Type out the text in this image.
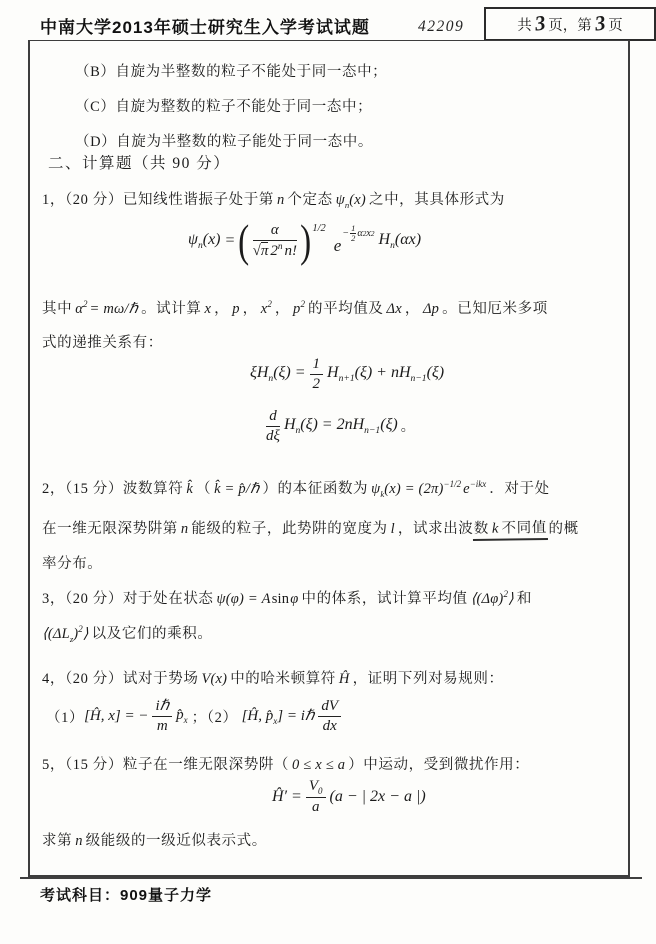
中南大学2013年硕士研究生入学考试试题	42209	共 3 页，第 3 页
（B）自旋为半整数的粒子不能处于同一态中；
（C）自旋为整数的粒子不能处于同一态中；
（D）自旋为半整数的粒子能处于同一态中。
二、计算题（共 90 分）
1，（20 分）已知线性谐振子处于第 n 个定态 $\psi_n(x)$ 之中，其具体形式为
$\psi_n(x)$ = ( $\frac{\alpha}{√\pi 2^n n!}$ ) 1/2
e
− $\frac{1}{2}$ α 2 x 2 $H_n(\alpha x)$
其中 $\alpha^2$ = mω/ℏ 。试计算 x ， p ， $x^2$ ， $p^2$ 的平均值及 Δx ， Δp 。已知厄米多项
式的递推关系有：
$\xi H_n(\xi) = \frac{1}{2} H_{n+1}(\xi) + nH_{n-1}(\xi)$
$\frac{d}{d\xi} H_n(\xi) = 2nH_{n-1}(\xi)$ 。
2，（15 分）波数算符 k̂ （ k̂ = p̂/ℏ ）的本征函数为 $\psi_k(x) = (2\pi)^{-1/2}$ $e^{-ikx}$ ．对于处
在一维无限深势阱第 n 能级的粒子，此势阱的宽度为 l ，试求出波数 k 不同值的概
率分布。
3，（20 分）对于处在状态 ψ(φ) = Asinφ 中的体系，试计算平均值 $⟨(\Delta\varphi)^2⟩$ 和
$⟨(\Delta L_z)^2⟩$ 以及它们的乘积。
4，（20 分）试对于势场 V(x) 中的哈米顿算符 Ĥ ，证明下列对易规则：
（1） [Ĥ, x] = − $\frac{\text{iℏ}}{m}$ $p̂_x$ ；（2） [Ĥ, $p̂_x$] = iℏ $\frac{dV}{dx}$
5，（15 分）粒子在一维无限深势阱（ 0 ≤ x ≤ a ）中运动，受到微扰作用：
Ĥ′ = $\frac{V_0}{a} (a$ − | 2x − a |)
求第 n 级能级的一级近似表示式。
考试科目：909量子力学
